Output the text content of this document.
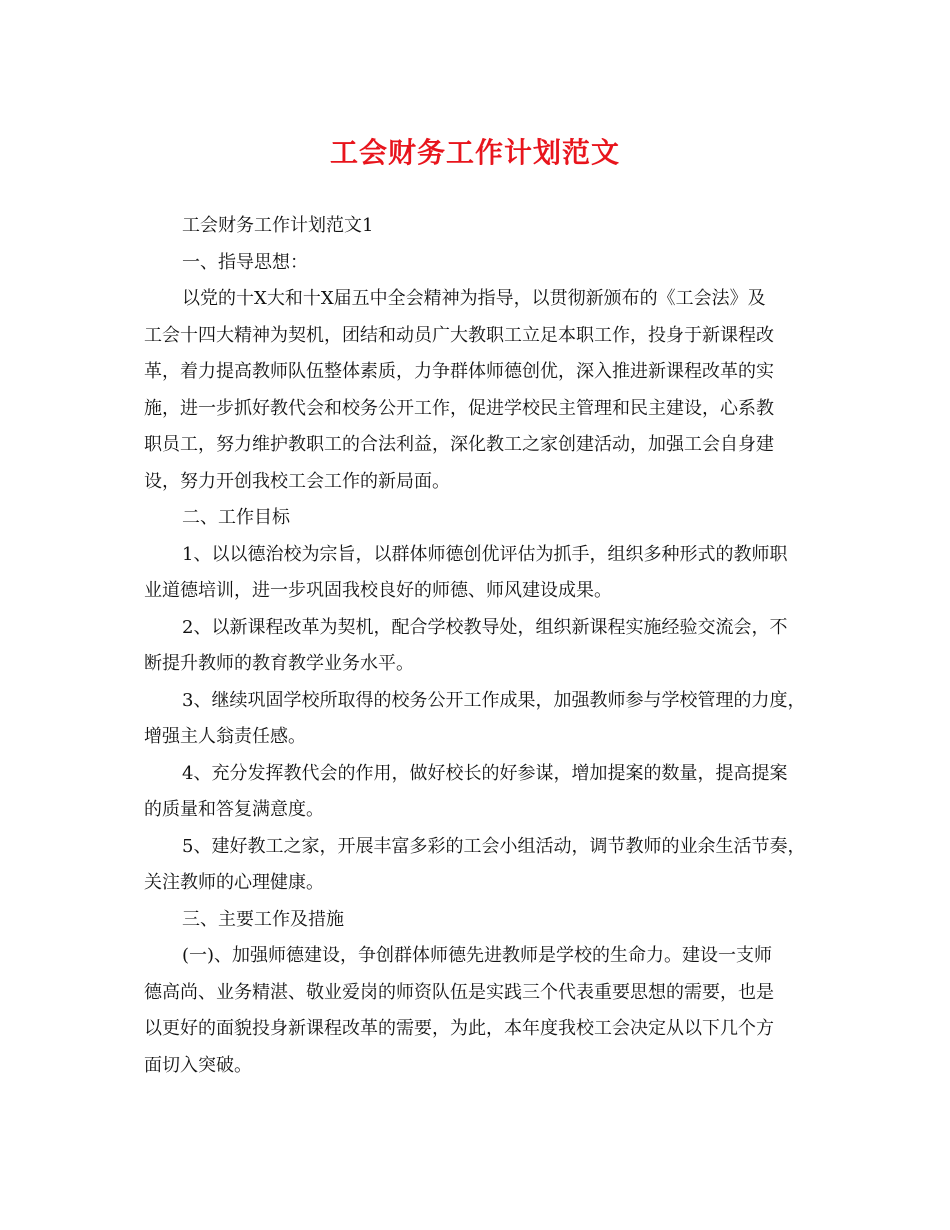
工会财务工作计划范文

工会财务工作计划范文1

一、指导思想：

以党的十X大和十X届五中全会精神为指导，以贯彻新颁布的《工会法》及

工会十四大精神为契机，团结和动员广大教职工立足本职工作，投身于新课程改

革，着力提高教师队伍整体素质，力争群体师德创优，深入推进新课程改革的实

施，进一步抓好教代会和校务公开工作，促进学校民主管理和民主建设，心系教

职员工，努力维护教职工的合法利益，深化教工之家创建活动，加强工会自身建

设，努力开创我校工会工作的新局面。

二、工作目标

1、以以德治校为宗旨，以群体师德创优评估为抓手，组织多种形式的教师职

业道德培训，进一步巩固我校良好的师德、师风建设成果。

2、以新课程改革为契机，配合学校教导处，组织新课程实施经验交流会，不

断提升教师的教育教学业务水平。

3、继续巩固学校所取得的校务公开工作成果，加强教师参与学校管理的力度，

增强主人翁责任感。

4、充分发挥教代会的作用，做好校长的好参谋，增加提案的数量，提高提案

的质量和答复满意度。

5、建好教工之家，开展丰富多彩的工会小组活动，调节教师的业余生活节奏，

关注教师的心理健康。

三、主要工作及措施

(一)、加强师德建设，争创群体师德先进教师是学校的生命力。建设一支师

德高尚、业务精湛、敬业爱岗的师资队伍是实践三个代表重要思想的需要，也是

以更好的面貌投身新课程改革的需要，为此，本年度我校工会决定从以下几个方

面切入突破。
